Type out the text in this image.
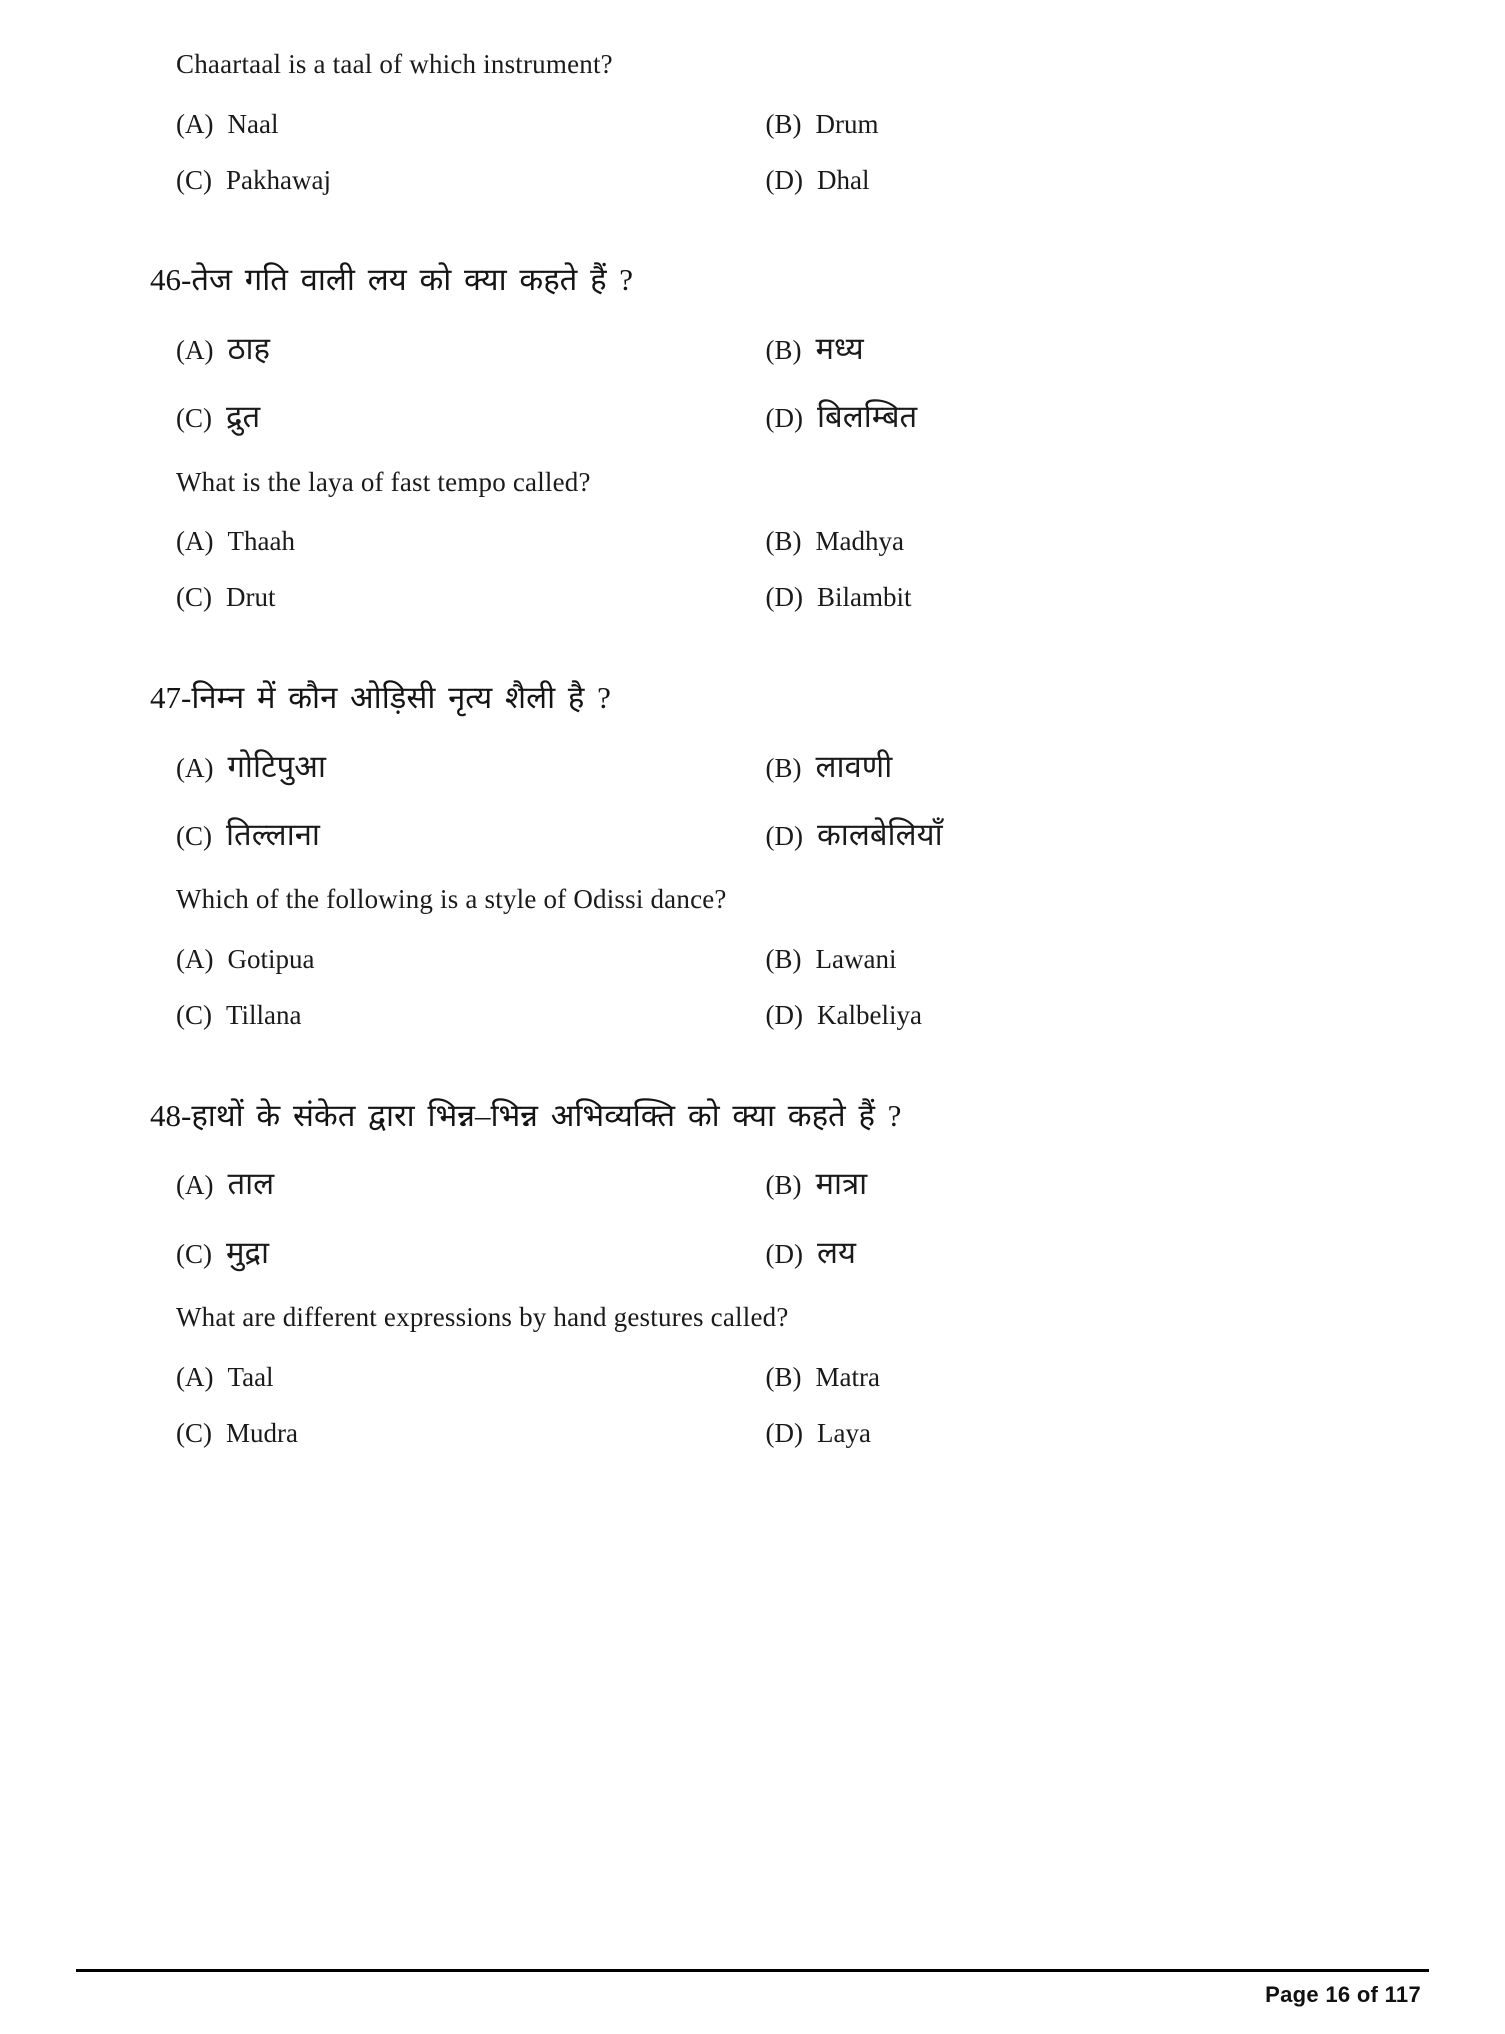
Chaartaal is a taal of which instrument?
(A) Naal	(B) Drum
(C) Pakhawaj	(D) Dhal
46-तेज गति वाली लय को क्या कहते हैं ?
(A) ठाह	(B) मध्य
(C) द्रुत	(D) बिलम्बित
What is the laya of fast tempo called?
(A) Thaah	(B) Madhya
(C) Drut	(D) Bilambit
47-निम्न में कौन ओड़िसी नृत्य शैली है ?
(A) गोटिपुआ	(B) लावणी
(C) तिल्लाना	(D) कालबेलियाँ
Which of the following is a style of Odissi dance?
(A) Gotipua	(B) Lawani
(C) Tillana	(D) Kalbeliya
48-हाथों के संकेत द्वारा भिन्न–भिन्न अभिव्यक्ति को क्या कहते हैं ?
(A) ताल	(B) मात्रा
(C) मुद्रा	(D) लय
What are different expressions by hand gestures called?
(A) Taal	(B) Matra
(C) Mudra	(D) Laya
Page 16 of 117
